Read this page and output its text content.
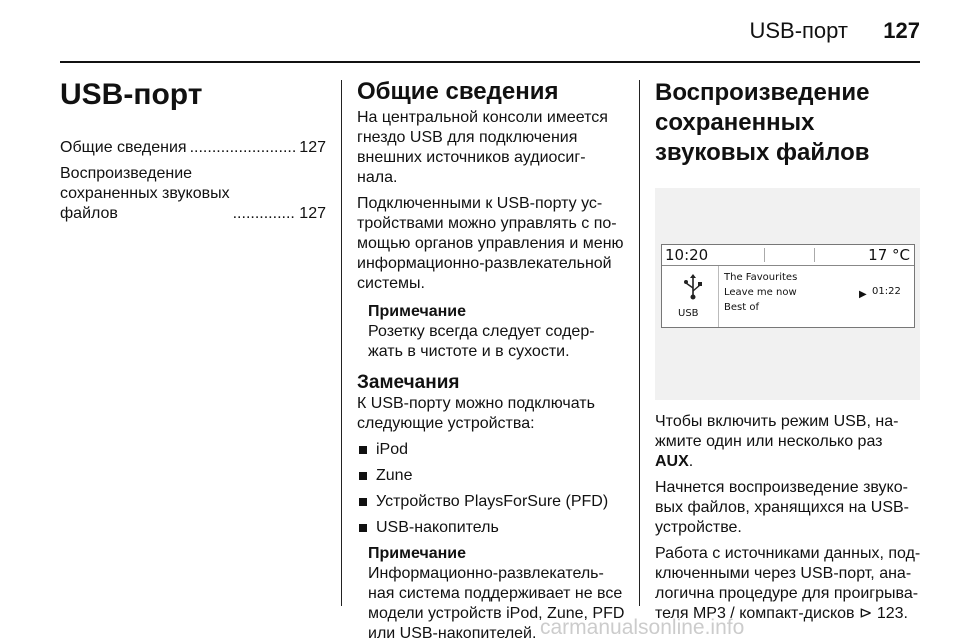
USB-порт 127
USB-порт
Общие сведения .....	127
Воспроизведение
сохраненных звуковых
файлов .....	127
Общие сведения

На центральной консоли имеется гнездо USB для подключения внешних источников аудиосиг-нала.

Подключенными к USB-порту ус-тройствами можно управлять с по-мощью органов управления и меню информационно-развлекательной системы.

Примечание

Розетку всегда следует содер-жать в чистоте и в сухости.

Замечания

К USB-порту можно подключать следующие устройства:

iPod
Zune
Устройство PlaysForSure (PFD)
USB-накопитель
Примечание

Информационно-развлекатель-ная система поддерживает не все модели устройств iPod, Zune, PFD или USB-накопителей.

Воспроизведение сохраненных звуковых файлов
10:20	17 °C
USB
The Favourites
Leave me now
Best of
▶ 01:22

Чтобы включить режим USB, на-жмите один или несколько раз
AUX.

Начнется воспроизведение звуко-вых файлов, хранящихся на USB-устройстве.

Работа с источниками данных, под-ключенными через USB-порт, ана-логична процедуре для проигрыва-теля MP3 / компакт-дисков ⊳ 123.

carmanualsonline.info
